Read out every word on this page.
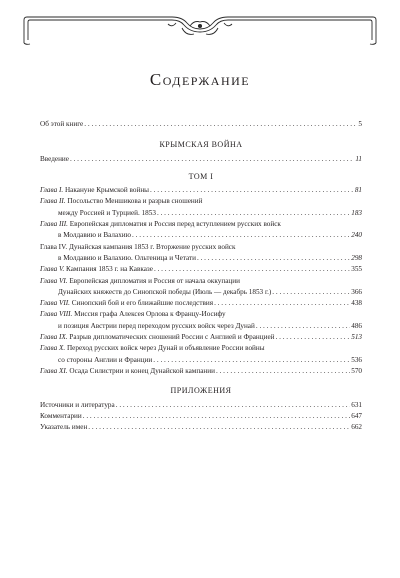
Содержание
Об этой книге . . .	5
КРЫМСКАЯ ВОЙНА
Введение . . .	11
ТОМ I
Глава I. Накануне Крымской войны . . .	81
Глава II. Посольство Меншикова и разрыв сношений
между Россией и Турцией. 1853 . . .	183
Глава III. Европейская дипломатия и Россия перед вступлением русских войск
в Молдавию и Валахию . . .	240
Глава IV. Дунайская кампания 1853 г. Вторжение русских войск
в Молдавию и Валахию. Ольтеница и Четати . . .	298
Глава V. Кампания 1853 г. на Кавказе . . .	355
Глава VI. Европейская дипломатия и Россия от начала оккупации
Дунайских княжеств до Синопской победы (Июль — декабрь 1853 г.) . . .	366
Глава VII. Синопский бой и его ближайшие последствия . . .	438
Глава VIII. Миссия графа Алексея Орлова к Францу-Иосифу
и позиция Австрии перед переходом русских войск через Дунай . . .	486
Глава IX. Разрыв дипломатических сношений России с Англией и Францией . . .	513
Глава X. Переход русских войск через Дунай и объявление России войны
со стороны Англии и Франции . . .	536
Глава XI. Осада Силистрии и конец Дунайской кампании . . .	570
ПРИЛОЖЕНИЯ
Источники и литература . . .	631
Комментарии . . .	647
Указатель имен . . .	662
